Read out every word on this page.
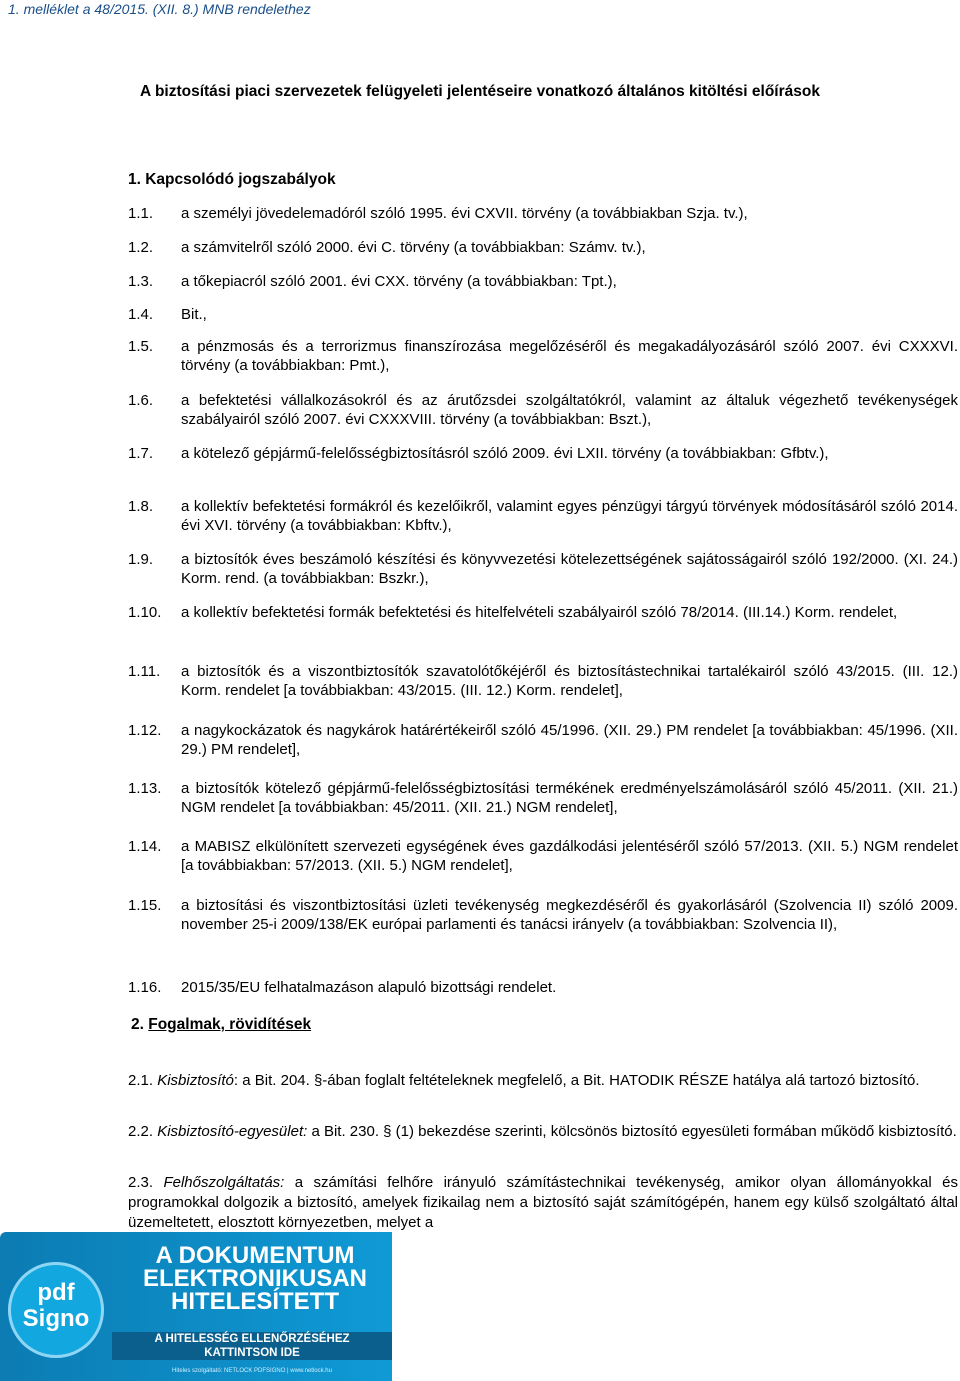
1. melléklet a 48/2015. (XII. 8.) MNB rendelethez
A biztosítási piaci szervezetek felügyeleti jelentéseire vonatkozó általános kitöltési előírások
1. Kapcsolódó jogszabályok
1.1.	a személyi jövedelemadóról szóló 1995. évi CXVII. törvény (a továbbiakban Szja. tv.),
1.2.	a számvitelről szóló 2000. évi C. törvény (a továbbiakban: Számv. tv.),
1.3.	a tőkepiacról szóló 2001. évi CXX. törvény (a továbbiakban: Tpt.),
1.4.	Bit.,
1.5.	a pénzmosás és a terrorizmus finanszírozása megelőzéséről és megakadályozásáról szóló 2007. évi CXXXVI. törvény (a továbbiakban: Pmt.),
1.6.	a befektetési vállalkozásokról és az árutőzsdei szolgáltatókról, valamint az általuk végezhető tevékenységek szabályairól szóló 2007. évi CXXXVIII. törvény (a továbbiakban: Bszt.),
1.7.	a kötelező gépjármű-felelősségbiztosításról szóló 2009. évi LXII. törvény (a továbbiakban: Gfbtv.),
1.8.	a kollektív befektetési formákról és kezelőikről, valamint egyes pénzügyi tárgyú törvények módosításáról szóló 2014. évi XVI. törvény (a továbbiakban: Kbftv.),
1.9.	a biztosítók éves beszámoló készítési és könyvvezetési kötelezettségének sajátosságairól szóló 192/2000. (XI. 24.) Korm. rend. (a továbbiakban: Bszkr.),
1.10.	a kollektív befektetési formák befektetési és hitelfelvételi szabályairól szóló 78/2014. (III.14.) Korm. rendelet,
1.11.	a biztosítók és a viszontbiztosítók szavatolótőkéjéről és biztosítástechnikai tartalékairól szóló 43/2015. (III. 12.) Korm. rendelet [a továbbiakban: 43/2015. (III. 12.) Korm. rendelet],
1.12.	a nagykockázatok és nagykárok határértékeiről szóló 45/1996. (XII. 29.) PM rendelet [a továbbiakban: 45/1996. (XII. 29.) PM rendelet],
1.13.	a biztosítók kötelező gépjármű-felelősségbiztosítási termékének eredményelszámolásáról szóló 45/2011. (XII. 21.) NGM rendelet [a továbbiakban: 45/2011. (XII. 21.) NGM rendelet],
1.14.	a MABISZ elkülönített szervezeti egységének éves gazdálkodási jelentéséről szóló 57/2013. (XII. 5.) NGM rendelet [a továbbiakban: 57/2013. (XII. 5.) NGM rendelet],
1.15.	a biztosítási és viszontbiztosítási üzleti tevékenység megkezdéséről és gyakorlásáról (Szolvencia II) szóló 2009. november 25-i 2009/138/EK európai parlamenti és tanácsi irányelv (a továbbiakban: Szolvencia II),
1.16.	2015/35/EU felhatalmazáson alapuló bizottsági rendelet.
2. Fogalmak, rövidítések
2.1. Kisbiztosító: a Bit. 204. §-ában foglalt feltételeknek megfelelő, a Bit. HATODIK RÉSZE hatálya alá tartozó biztosító.
2.2. Kisbiztosító-egyesület: a Bit. 230. § (1) bekezdése szerinti, kölcsönös biztosító egyesületi formában működő kisbiztosító.
2.3. Felhőszolgáltatás: a számítási felhőre irányuló számítástechnikai tevékenység, amikor olyan állományokkal és programokkal dolgozik a biztosító, amelyek fizikailag nem a biztosító saját számítógépén, hanem egy külső szolgáltató által üzemeltetett, elosztott környezetben, melyet a
pdf
Signo
A DOKUMENTUM
ELEKTRONIKUSAN
HITELESÍTETT
A HITELESSÉG ELLENŐRZÉSÉHEZ
KATTINTSON IDE
Hiteles szolgáltató: NETLOCK PDFSIGNO | www.netlock.hu
